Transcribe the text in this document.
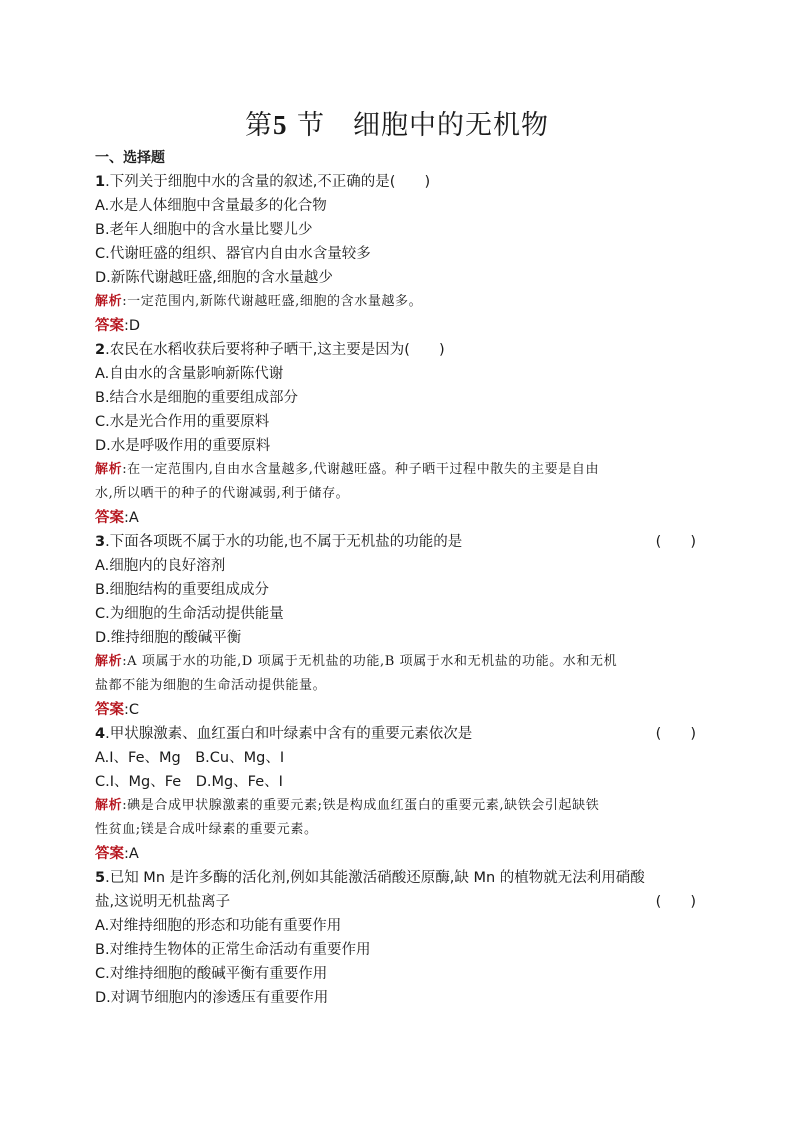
第5 节　细胞中的无机物
一、选择题
1.下列关于细胞中水的含量的叙述,不正确的是(　　)
A.水是人体细胞中含量最多的化合物
B.老年人细胞中的含水量比婴儿少
C.代谢旺盛的组织、器官内自由水含量较多
D.新陈代谢越旺盛,细胞的含水量越少
解析:一定范围内,新陈代谢越旺盛,细胞的含水量越多。
答案:D
2.农民在水稻收获后要将种子晒干,这主要是因为(　　)
A.自由水的含量影响新陈代谢
B.结合水是细胞的重要组成部分
C.水是光合作用的重要原料
D.水是呼吸作用的重要原料
解析:在一定范围内,自由水含量越多,代谢越旺盛。种子晒干过程中散失的主要是自由
水,所以晒干的种子的代谢减弱,利于储存。
答案:A
3.下面各项既不属于水的功能,也不属于无机盐的功能的是	(　　)
A.细胞内的良好溶剂
B.细胞结构的重要组成成分
C.为细胞的生命活动提供能量
D.维持细胞的酸碱平衡
解析:A 项属于水的功能,D 项属于无机盐的功能,B 项属于水和无机盐的功能。水和无机
盐都不能为细胞的生命活动提供能量。
答案:C
4.甲状腺激素、血红蛋白和叶绿素中含有的重要元素依次是	(　　)
A.I、Fe、Mg　B.Cu、Mg、I
C.I、Mg、Fe　D.Mg、Fe、I
解析:碘是合成甲状腺激素的重要元素;铁是构成血红蛋白的重要元素,缺铁会引起缺铁
性贫血;镁是合成叶绿素的重要元素。
答案:A
5.已知 Mn 是许多酶的活化剂,例如其能激活硝酸还原酶,缺 Mn 的植物就无法利用硝酸
盐,这说明无机盐离子	(　　)
A.对维持细胞的形态和功能有重要作用
B.对维持生物体的正常生命活动有重要作用
C.对维持细胞的酸碱平衡有重要作用
D.对调节细胞内的渗透压有重要作用
